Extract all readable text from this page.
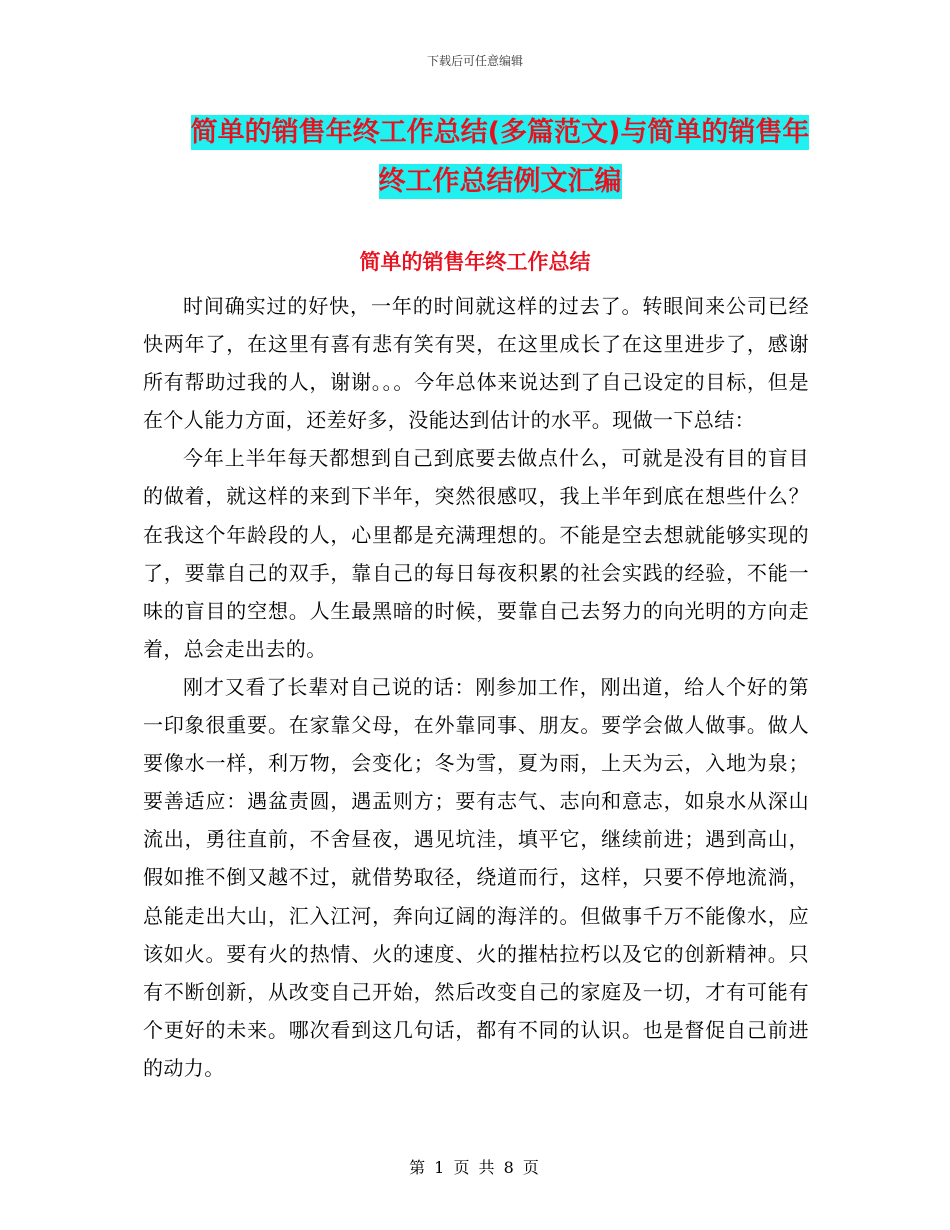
下载后可任意编辑
简单的销售年终工作总结(多篇范文)与简单的销售年
终工作总结例文汇编
简单的销售年终工作总结

时间确实过的好快，一年的时间就这样的过去了。转眼间来公司已经快两年了，在这里有喜有悲有笑有哭，在这里成长了在这里进步了，感谢所有帮助过我的人，谢谢。。。今年总体来说达到了自己设定的目标，但是在个人能力方面，还差好多，没能达到估计的水平。现做一下总结：

今年上半年每天都想到自己到底要去做点什么，可就是没有目的盲目的做着，就这样的来到下半年，突然很感叹，我上半年到底在想些什么？在我这个年龄段的人，心里都是充满理想的。不能是空去想就能够实现的了，要靠自己的双手，靠自己的每日每夜积累的社会实践的经验，不能一味的盲目的空想。人生最黑暗的时候，要靠自己去努力的向光明的方向走着，总会走出去的。

刚才又看了长辈对自己说的话：刚参加工作，刚出道，给人个好的第一印象很重要。在家靠父母，在外靠同事、朋友。要学会做人做事。做人要像水一样，利万物，会变化；冬为雪，夏为雨，上天为云，入地为泉；要善适应：遇盆责圆，遇盂则方；要有志气、志向和意志，如泉水从深山流出，勇往直前，不舍昼夜，遇见坑洼，填平它，继续前进；遇到高山，假如推不倒又越不过，就借势取径，绕道而行，这样，只要不停地流淌，总能走出大山，汇入江河，奔向辽阔的海洋的。但做事千万不能像水，应该如火。要有火的热情、火的速度、火的摧枯拉朽以及它的创新精神。只有不断创新，从改变自己开始，然后改变自己的家庭及一切，才有可能有个更好的未来。哪次看到这几句话，都有不同的认识。也是督促自己前进的动力。

第 1 页 共 8 页
